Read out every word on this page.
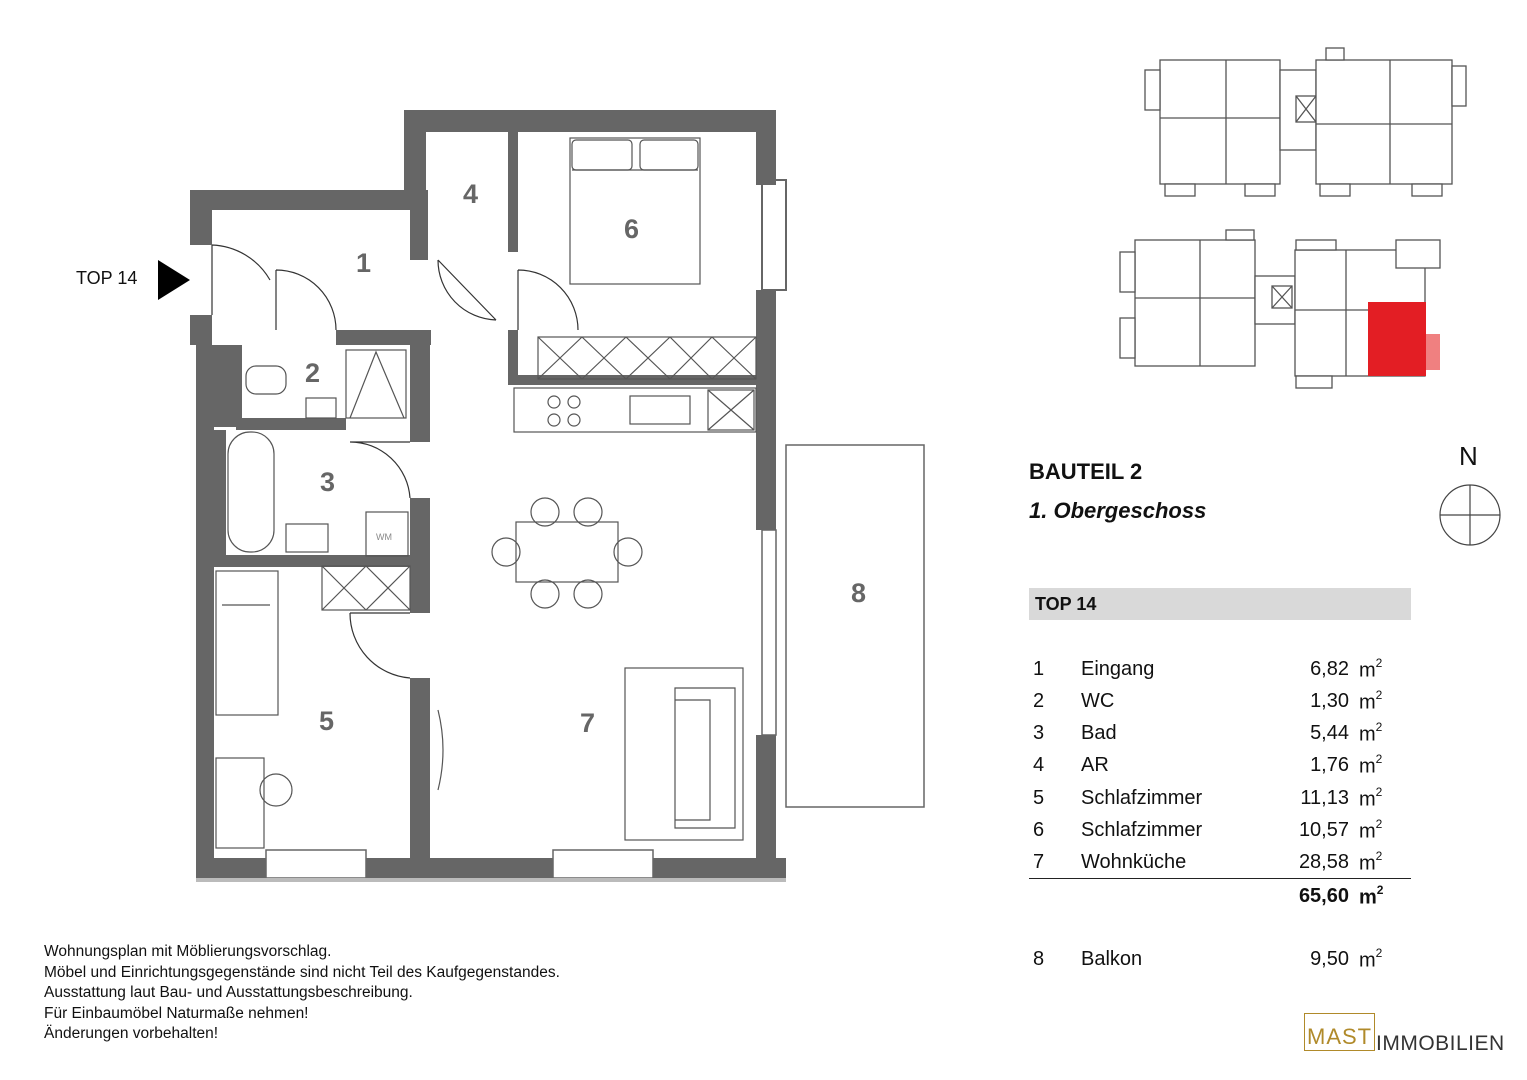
1
2
3
4
5
6
7
8
WM
TOP 14
BAUTEIL 2
1. Obergeschoss
N
TOP 14
1 Eingang	6,82 $m^2$
2 WC	1,30 $m^2$
3 Bad	5,44 $m^2$
4 AR	1,76 $m^2$
5 Schlafzimmer	11,13 $m^2$
6 Schlafzimmer	10,57 $m^2$
7 Wohnküche	28,58 $m^2$
65,60 $m^2$
8 Balkon	9,50 $m^2$
Wohnungsplan mit Möblierungsvorschlag.
Möbel und Einrichtungsgegenstände sind nicht Teil des Kaufgegenstandes.
Ausstattung laut Bau- und Ausstattungsbeschreibung.
Für Einbaumöbel Naturmaße nehmen!
Änderungen vorbehalten!	MAST IMMOBILIEN
